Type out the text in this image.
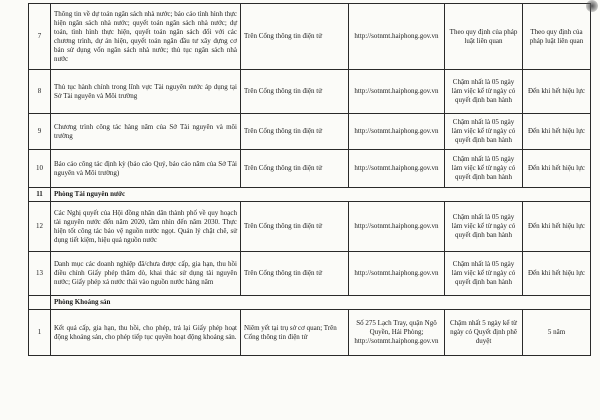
7	Thông tin về dự toán ngân sách nhà nước; báo cáo tình hình thực hiện ngân sách nhà nước; quyết toán ngân sách nhà nước; dự toán, tình hình thực hiện, quyết toán ngân sách đối với các chương trình, dự án hiện, quyết toán ngân đầu tư xây dựng cơ bản sử dụng vốn ngân sách nhà nước; thủ tục ngân sách nhà nước	Trên Cổng thông tin điện tử	http://sotnmt.haiphong.gov.vn	Theo quy định của pháp luật liên quan	Theo quy định của pháp luật liên quan
8	Thủ tục hành chính trong lĩnh vực Tài nguyên nước áp dụng tại Sở Tài nguyên và Môi trường	Trên Cổng thông tin điện tử	http://sotnmt.haiphong.gov.vn	Chậm nhất là 05 ngày làm việc kể từ ngày có quyết định ban hành	Đến khi hết hiệu lực
9	Chương trình công tác hàng năm của Sở Tài nguyên và môi trường	Trên Cổng thông tin điện tử	http://sotnmt.haiphong.gov.vn	Chậm nhất là 05 ngày làm việc kể từ ngày có quyết định ban hành	Đến khi hết hiệu lực
10	Báo cáo công tác định kỳ (báo cáo Quý, báo cáo năm của Sở Tài nguyên và Môi trường)	Trên Cổng thông tin điện tử	http://sotnmt.haiphong.gov.vn	Chậm nhất là 05 ngày làm việc kể từ ngày có quyết định ban hành	Đến khi hết hiệu lực
11	Phòng Tài nguyên nước				
12	Các Nghị quyết của Hội đồng nhân dân thành phố về quy hoạch tài nguyên nước đến năm 2020, tầm nhìn đến năm 2030. Thực hiện tốt công tác bảo vệ nguồn nước ngọt. Quản lý chặt chẽ, sử dụng tiết kiệm, hiệu quả nguồn nước	Trên Cổng thông tin điện tử	http://sotnmt.haiphong.gov.vn	Chậm nhất là 05 ngày làm việc kể từ ngày có quyết định ban hành	Đến khi hết hiệu lực
13	Danh mục các doanh nghiệp đã/chưa được cấp, gia hạn, thu hồi điều chỉnh Giấy phép thăm dò, khai thác sử dụng tài nguyên nước; Giấy phép xả nước thải vào nguồn nước hàng năm	Trên Cổng thông tin điện tử	http://sotnmt.haiphong.gov.vn	Chậm nhất là 05 ngày làm việc kể từ ngày có quyết định ban hành	Đến khi hết hiệu lực
	Phòng Khoáng sản				
1	Kết quả cấp, gia hạn, thu hồi, cho phép, trả lại Giấy phép hoạt động khoáng sản, cho phép tiếp tục quyền hoạt động khoáng sản.	Niêm yết tại trụ sở cơ quan; Trên Cổng thông tin điện tử	Số 275 Lạch Tray, quận Ngô Quyền, Hải Phòng; http://sotnmt.haiphong.gov.vn	Chậm nhất 5 ngày kể từ ngày có Quyết định phê duyệt	5 năm
